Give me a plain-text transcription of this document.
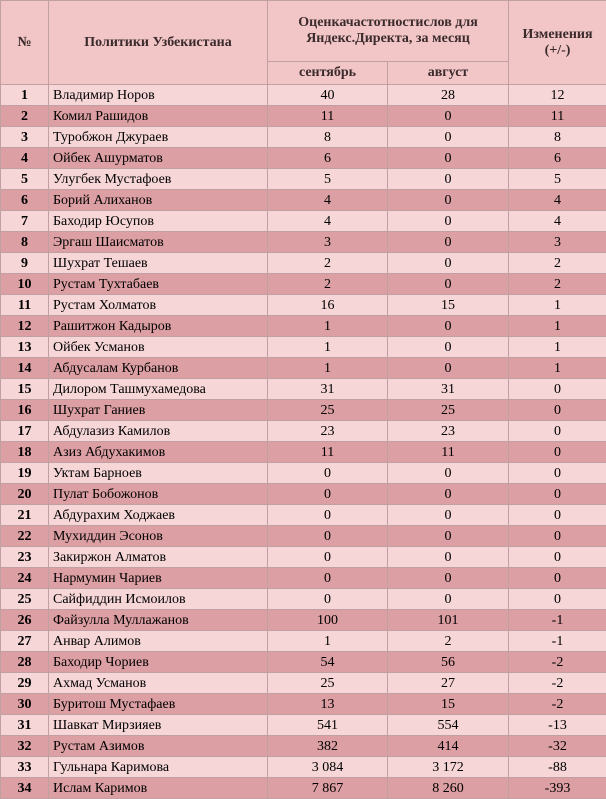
№	Политики Узбекистана	Оценкачастотностислов для Яндекс.Директа, за месяц		Изменения (+/-)
		сентябрь	август	
1	Владимир Норов	40	28	12
2	Комил Рашидов	11	0	11
3	Туробжон Джураев	8	0	8
4	Ойбек Ашурматов	6	0	6
5	Улугбек Мустафоев	5	0	5
6	Борий Алиханов	4	0	4
7	Баходир Юсупов	4	0	4
8	Эргаш Шаисматов	3	0	3
9	Шухрат Тешаев	2	0	2
10	Рустам Тухтабаев	2	0	2
11	Рустам Холматов	16	15	1
12	Рашитжон Кадыров	1	0	1
13	Ойбек Усманов	1	0	1
14	Абдусалам Курбанов	1	0	1
15	Дилором Ташмухамедова	31	31	0
16	Шухрат Ганиев	25	25	0
17	Абдулазиз Камилов	23	23	0
18	Азиз Абдухакимов	11	11	0
19	Уктам Барноев	0	0	0
20	Пулат Бобожонов	0	0	0
21	Абдурахим Ходжаев	0	0	0
22	Мухиддин Эсонов	0	0	0
23	Закиржон Алматов	0	0	0
24	Нармумин Чариев	0	0	0
25	Сайфиддин Исмоилов	0	0	0
26	Файзулла Муллажанов	100	101	-1
27	Анвар Алимов	1	2	-1
28	Баходир Чориев	54	56	-2
29	Ахмад Усманов	25	27	-2
30	Буритош Мустафаев	13	15	-2
31	Шавкат Мирзияев	541	554	-13
32	Рустам Азимов	382	414	-32
33	Гульнара Каримова	3 084	3 172	-88
34	Ислам Каримов	7 867	8 260	-393
